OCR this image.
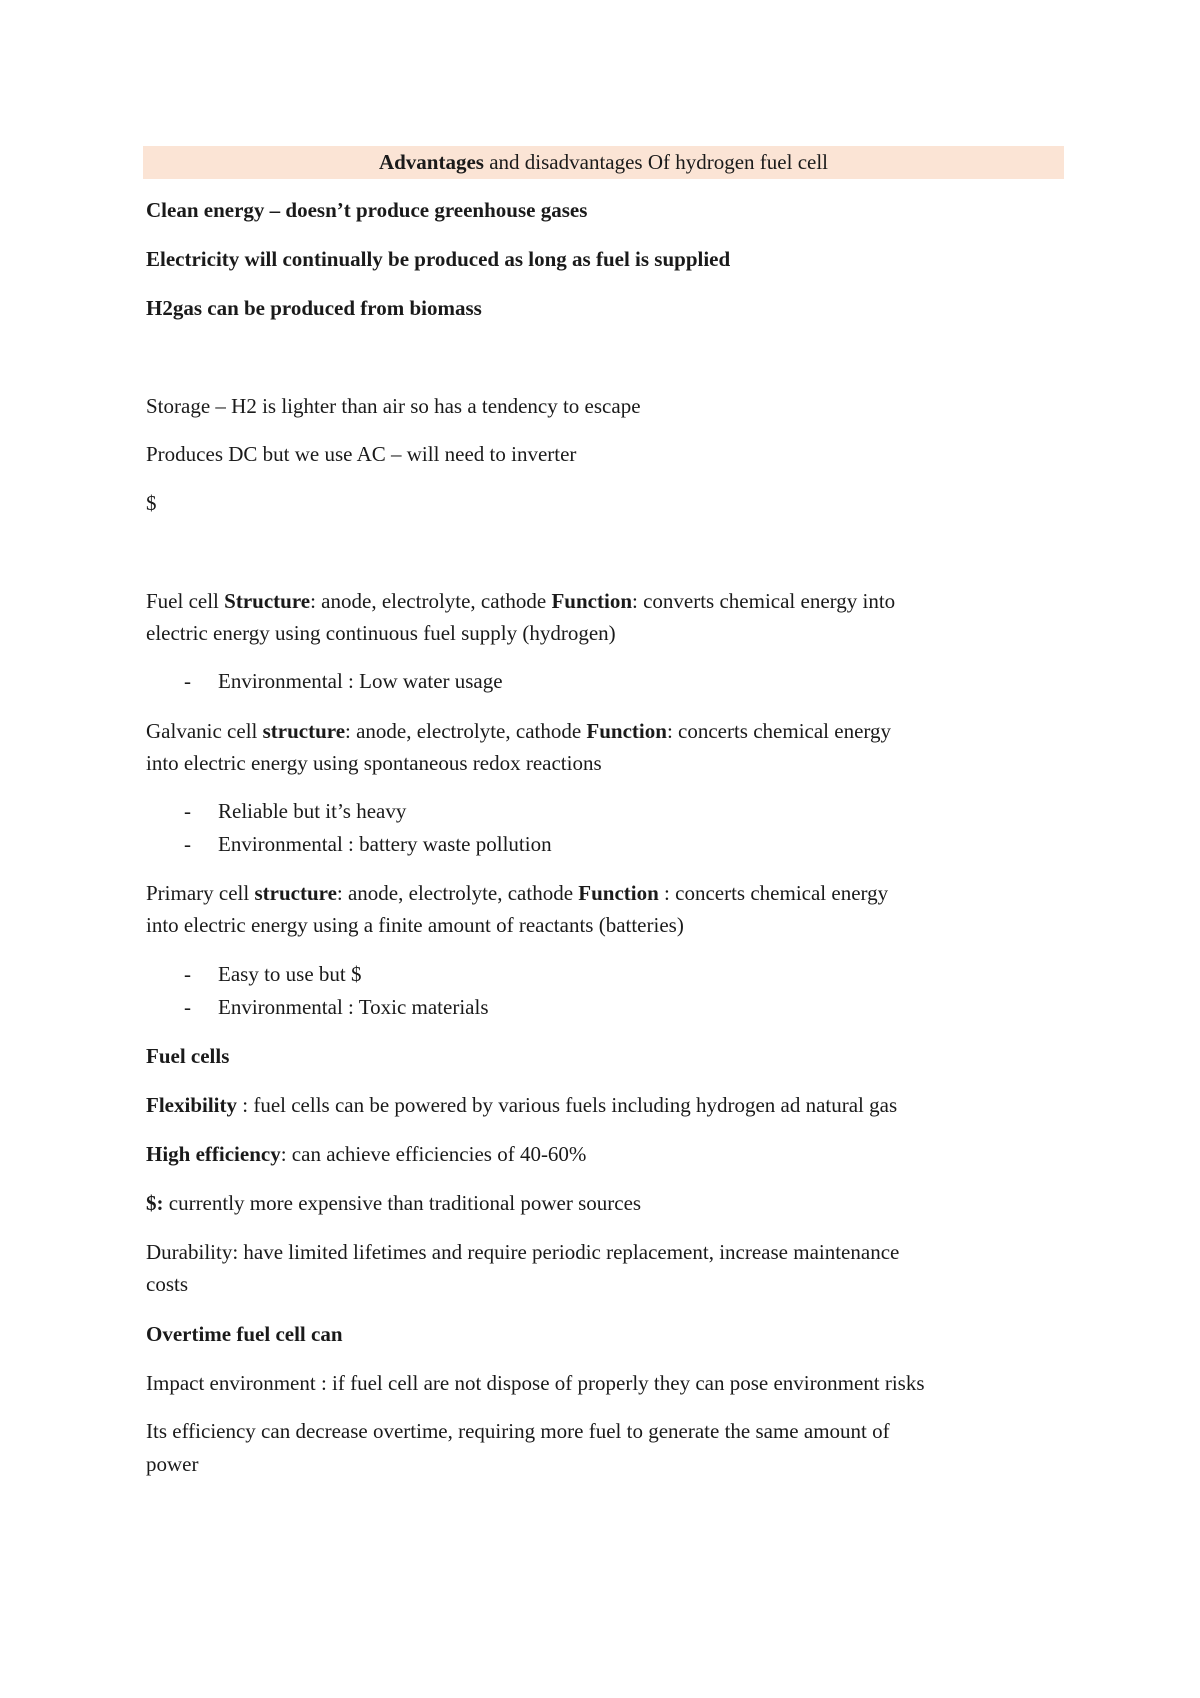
Advantages and disadvantages Of hydrogen fuel cell
Clean energy – doesn’t produce greenhouse gases
Electricity will continually be produced as long as fuel is supplied
H2gas can be produced from biomass
Storage – H2 is lighter than air so has a tendency to escape
Produces DC but we use AC – will need to inverter
$
Fuel cell Structure: anode, electrolyte, cathode Function: converts chemical energy into
electric energy using continuous fuel supply (hydrogen)
- Environmental : Low water usage
Galvanic cell structure: anode, electrolyte, cathode Function: concerts chemical energy
into electric energy using spontaneous redox reactions
- Reliable but it’s heavy
- Environmental : battery waste pollution
Primary cell structure: anode, electrolyte, cathode Function : concerts chemical energy
into electric energy using a finite amount of reactants (batteries)
- Easy to use but $
- Environmental : Toxic materials
Fuel cells
Flexibility : fuel cells can be powered by various fuels including hydrogen ad natural gas
High efficiency: can achieve efficiencies of 40-60%
$: currently more expensive than traditional power sources
Durability: have limited lifetimes and require periodic replacement, increase maintenance
costs
Overtime fuel cell can
Impact environment : if fuel cell are not dispose of properly they can pose environment risks
Its efficiency can decrease overtime, requiring more fuel to generate the same amount of
power
